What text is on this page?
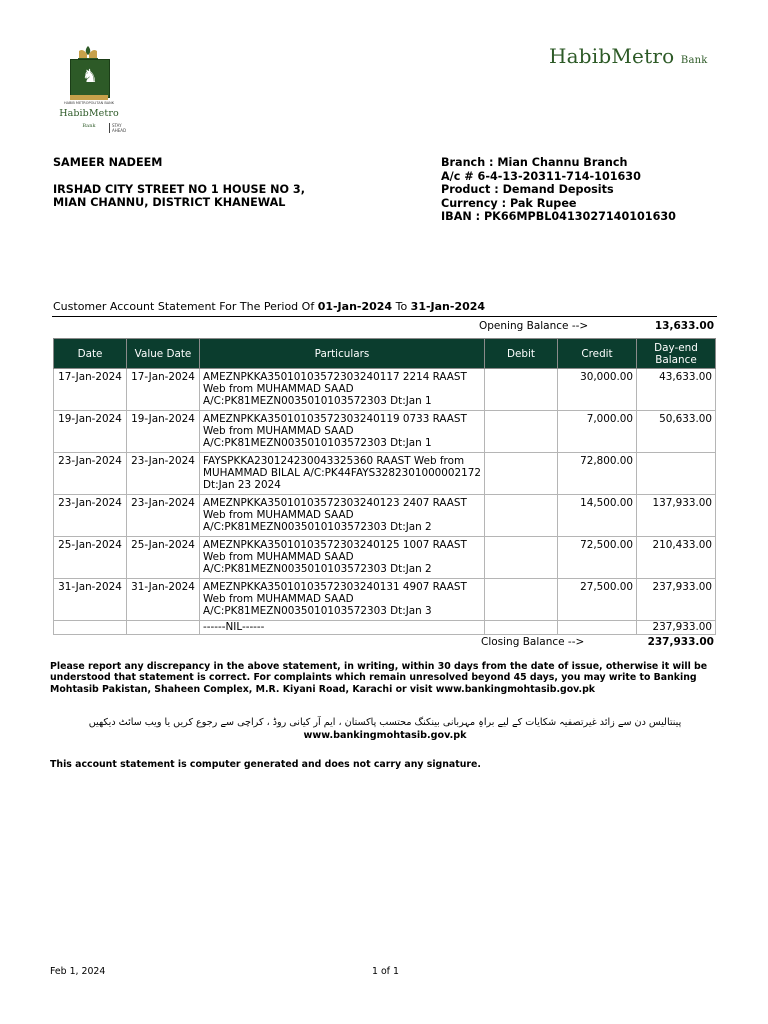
♞
HABIB METROPOLITAN BANK
HabibMetro Bank	STAY AHEAD
HabibMetro Bank
SAMEER NADEEM
IRSHAD CITY STREET NO 1 HOUSE NO 3,
MIAN CHANNU, DISTRICT KHANEWAL
Branch : Mian Channu Branch
A/c # 6-4-13-20311-714-101630
Product : Demand Deposits
Currency : Pak Rupee
IBAN : PK66MPBL0413027140101630
Customer Account Statement For The Period Of 01-Jan-2024 To 31-Jan-2024
Opening Balance -->	13,633.00
Date	Value Date	Particulars	Debit	Credit	Day-end Balance
17-Jan-2024	17-Jan-2024	AMEZNPKKA35010103572303240117 2214 RAAST Web from MUHAMMAD SAAD A/C:PK81MEZN0035010103572303 Dt:Jan 1		30,000.00	43,633.00
19-Jan-2024	19-Jan-2024	AMEZNPKKA35010103572303240119 0733 RAAST Web from MUHAMMAD SAAD A/C:PK81MEZN0035010103572303 Dt:Jan 1		7,000.00	50,633.00
23-Jan-2024	23-Jan-2024	FAYSPKKA230124230043325360 RAAST Web from MUHAMMAD BILAL A/C:PK44FAYS3282301000002172 Dt:Jan 23 2024		72,800.00	
23-Jan-2024	23-Jan-2024	AMEZNPKKA35010103572303240123 2407 RAAST Web from MUHAMMAD SAAD A/C:PK81MEZN0035010103572303 Dt:Jan 2		14,500.00	137,933.00
25-Jan-2024	25-Jan-2024	AMEZNPKKA35010103572303240125 1007 RAAST Web from MUHAMMAD SAAD A/C:PK81MEZN0035010103572303 Dt:Jan 2		72,500.00	210,433.00
31-Jan-2024	31-Jan-2024	AMEZNPKKA35010103572303240131 4907 RAAST Web from MUHAMMAD SAAD A/C:PK81MEZN0035010103572303 Dt:Jan 3		27,500.00	237,933.00
		------NIL------			237,933.00
Closing Balance -->	237,933.00
Please report any discrepancy in the above statement, in writing, within 30 days from the date of issue, otherwise it will be understood that statement is correct. For complaints which remain unresolved beyond 45 days, you may write to Banking Mohtasib Pakistan, Shaheen Complex, M.R. Kiyani Road, Karachi or visit www.bankingmohtasib.gov.pk
پینتالیس دن سے زائد غیرتصفیہ شکایات کے لیے براہِ مہربانی بینکنگ محتسب پاکستان ، ایم آر کیانی روڈ ، کراچی سے رجوع کریں یا ویب سائٹ دیکھیں
www.bankingmohtasib.gov.pk
This account statement is computer generated and does not carry any signature.
Feb 1, 2024	1 of 1
